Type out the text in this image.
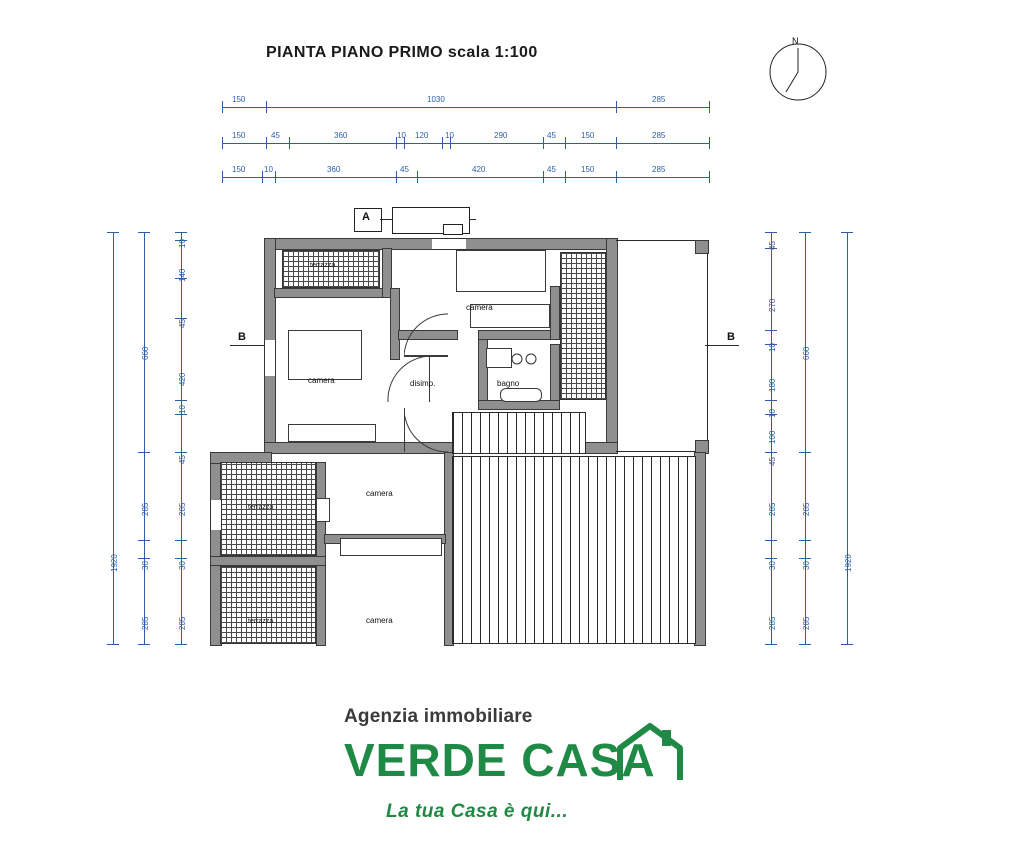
PIANTA PIANO PRIMO scala 1:100
N
150	1030	285
150	45	360	10 120 10	290	45	150	285
150 10	360	45	420	45	150	285
1920
660
285
30
285
10
140
45
420
10
45
285
30
285
45
270
10
180
10
100
45
285
30
285
660
285
30
285
1920
A
B	B
terrazza
camera
camera	disimp.	bagno
camera
camera
terrazza
terrazza
Agenzia immobiliare
VERDE CASA
La tua Casa è qui...
